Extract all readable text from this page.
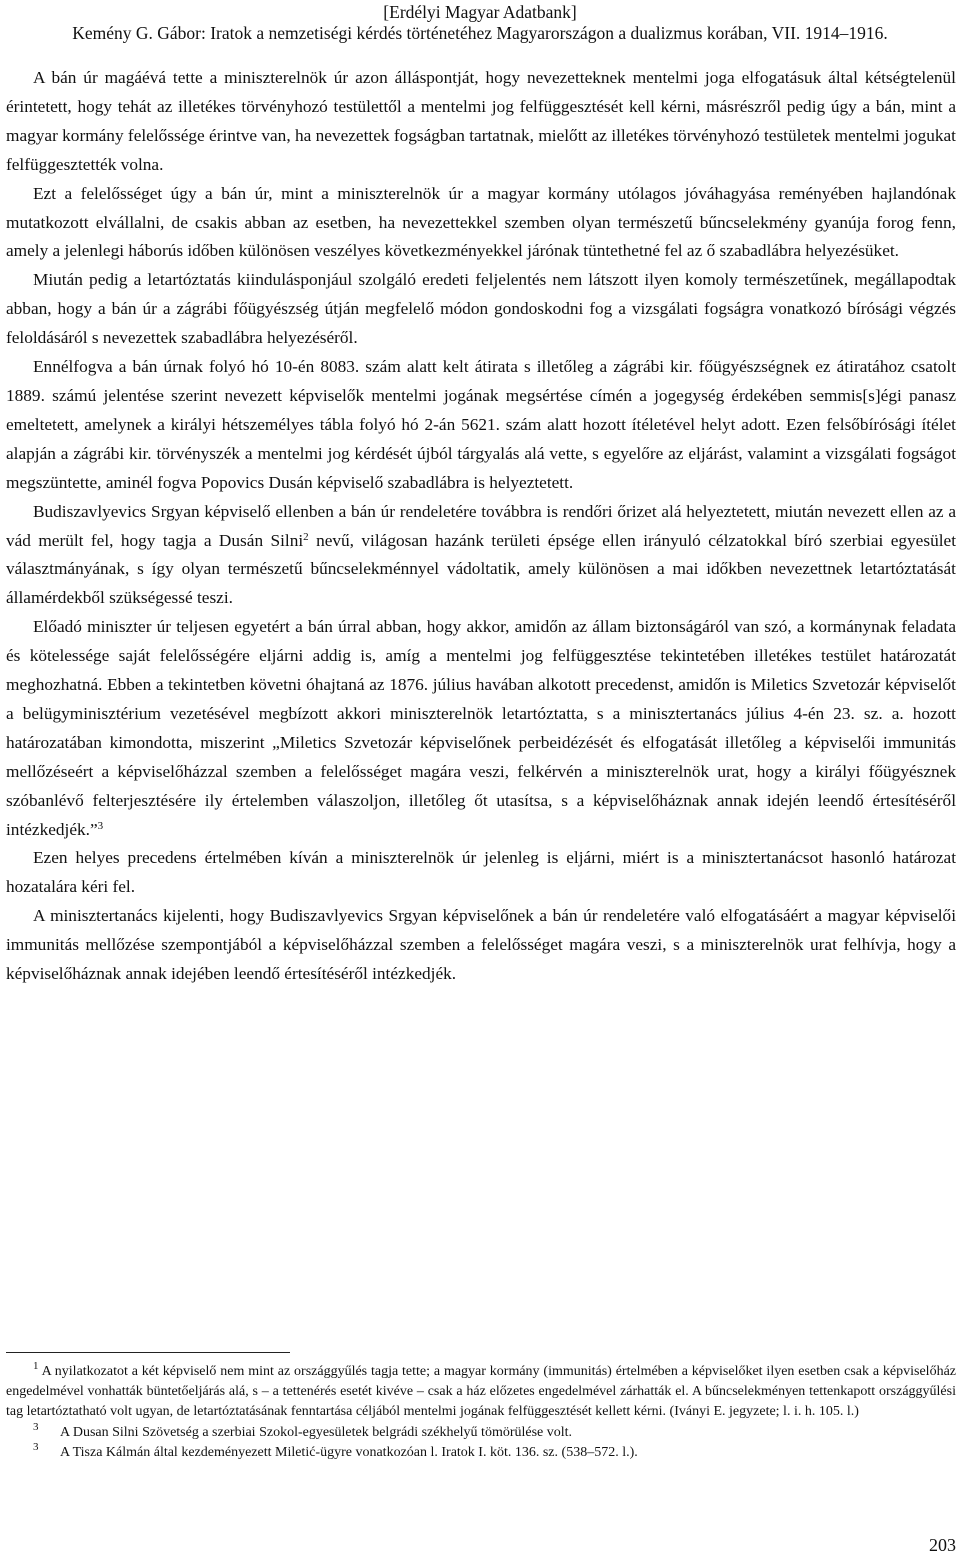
[Erdélyi Magyar Adatbank]
Kemény G. Gábor: Iratok a nemzetiségi kérdés történetéhez Magyarországon a dualizmus korában, VII. 1914–1916.

A bán úr magáévá tette a miniszterelnök úr azon álláspontját, hogy nevezetteknek mentelmi joga elfogatásuk által kétségtelenül érintetett, hogy tehát az illetékes törvényhozó testülettől a mentelmi jog felfüggesztését kell kérni, másrészről pedig úgy a bán, mint a magyar kormány felelőssége érintve van, ha nevezettek fogságban tartatnak, mielőtt az illetékes törvényhozó testületek mentelmi jogukat felfüggesztették volna.

Ezt a felelősséget úgy a bán úr, mint a miniszterelnök úr a magyar kormány utólagos jóváhagyása reményében hajlandónak mutatkozott elvállalni, de csakis abban az esetben, ha nevezettekkel szemben olyan természetű bűncselekmény gyanúja forog fenn, amely a jelenlegi háborús időben különösen veszélyes következményekkel járónak tüntethetné fel az ő szabadlábra helyezésüket.

Miután pedig a letartóztatás kiindulásponjául szolgáló eredeti feljelentés nem látszott ilyen komoly természetűnek, megállapodtak abban, hogy a bán úr a zágrábi főügyészség útján megfelelő módon gondoskodni fog a vizsgálati fogságra vonatkozó bírósági végzés feloldásáról s nevezettek szabadlábra helyezéséről.

Ennélfogva a bán úrnak folyó hó 10-én 8083. szám alatt kelt átirata s illetőleg a zágrábi kir. főügyészségnek ez átiratához csatolt 1889. számú jelentése szerint nevezett képviselők mentelmi jogának megsértése címén a jogegység érdekében semmis[s]égi panasz emeltetett, amelynek a királyi hétszemélyes tábla folyó hó 2-án 5621. szám alatt hozott ítéletével helyt adott. Ezen felsőbírósági ítélet alapján a zágrábi kir. törvényszék a mentelmi jog kérdését újból tárgyalás alá vette, s egyelőre az eljárást, valamint a vizsgálati fogságot megszüntette, aminél fogva Popovics Dusán képviselő szabadlábra is helyeztetett.

Budiszavlyevics Srgyan képviselő ellenben a bán úr rendeletére továbbra is rendőri őrizet alá helyeztetett, miután nevezett ellen az a vád merült fel, hogy tagja a Dusán Silni$^2$ nevű, világosan hazánk területi épsége ellen irányuló célzatokkal bíró szerbiai egyesület választmányának, s így olyan természetű bűncselekménnyel vádoltatik, amely különösen a mai időkben nevezettnek letartóztatását államérdekből szükségessé teszi.

Előadó miniszter úr teljesen egyetért a bán úrral abban, hogy akkor, amidőn az állam biztonságáról van szó, a kormánynak feladata és kötelessége saját felelősségére eljárni addig is, amíg a mentelmi jog felfüggesztése tekintetében illetékes testület határozatát meghozhatná. Ebben a tekintetben követni óhajtaná az 1876. július havában alkotott precedenst, amidőn is Miletics Szvetozár képviselőt a belügyminisztérium vezetésével megbízott akkori miniszterelnök letartóztatta, s a minisztertanács július 4-én 23. sz. a. hozott határozatában kimondotta, miszerint „Miletics Szvetozár képviselőnek perbeidézését és elfogatását illetőleg a képviselői immunitás mellőzéseért a képviselőházzal szemben a felelősséget magára veszi, felkérvén a miniszterelnök urat, hogy a királyi főügyésznek szóbanlévő felterjesztésére ily értelemben válaszoljon, illetőleg őt utasítsa, s a képviselőháznak annak idején leendő értesítéséről intézkedjék.”$^3$

Ezen helyes precedens értelmében kíván a miniszterelnök úr jelenleg is eljárni, miért is a minisztertanácsot hasonló határozat hozatalára kéri fel.

A minisztertanács kijelenti, hogy Budiszavlyevics Srgyan képviselőnek a bán úr rendeletére való elfogatásáért a magyar képviselői immunitás mellőzése szempontjából a képviselőházzal szemben a felelősséget magára veszi, s a miniszterelnök urat felhívja, hogy a képviselőháznak annak idejében leendő értesítéséről intézkedjék.

$^1$ A nyilatkozatot a két képviselő nem mint az országgyűlés tagja tette; a magyar kormány (immunitás) értelmében a képviselőket ilyen esetben csak a képviselőház engedelmével vonhatták büntetőeljárás alá, s – a tettenérés esetét kivéve – csak a ház előzetes engedelmével zárhatták el. A bűncselekményen tettenkapott országgyűlési tag letartóztatható volt ugyan, de letartóztatásának fenntartása céljából mentelmi jogának felfüggesztését kellett kérni. (Iványi E. jegyzete; l. i. h. 105. l.)

$^3$ A Dusan Silni Szövetség a szerbiai Szokol-egyesületek belgrádi székhelyű tömörülése volt.

$^3$ A Tisza Kálmán által kezdeményezett Miletić-ügyre vonatkozóan l. Iratok I. köt. 136. sz. (538–572. l.).

203
